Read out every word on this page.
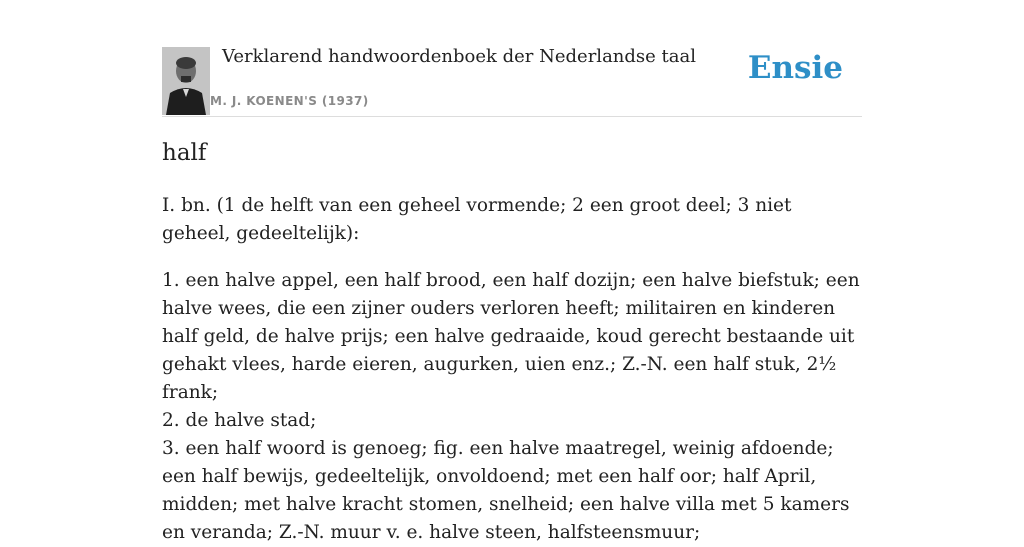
Verklarend handwoordenboek der Nederlandse taal
M. J. KOENEN'S (1937)
Ensie
half

I. bn. (1 de helft van een geheel vormende; 2 een groot deel; 3 niet geheel, gedeeltelijk):

1. een halve appel, een half brood, een half dozijn; een halve biefstuk; een halve wees, die een zijner ouders verloren heeft; militairen en kinderen half geld, de halve prijs; een halve gedraaide, koud gerecht bestaande uit gehakt vlees, harde eieren, augurken, uien enz.; Z.-N. een half stuk, 2½ frank;
2. de halve stad;
3. een half woord is genoeg; fig. een halve maatregel, weinig afdoende; een half bewijs, gedeeltelijk, onvoldoend; met een half oor; half April, midden; met halve kracht stomen, snelheid; een halve villa met 5 kamers en veranda; Z.-N. muur v. e. halve steen, halfsteensmuur;
